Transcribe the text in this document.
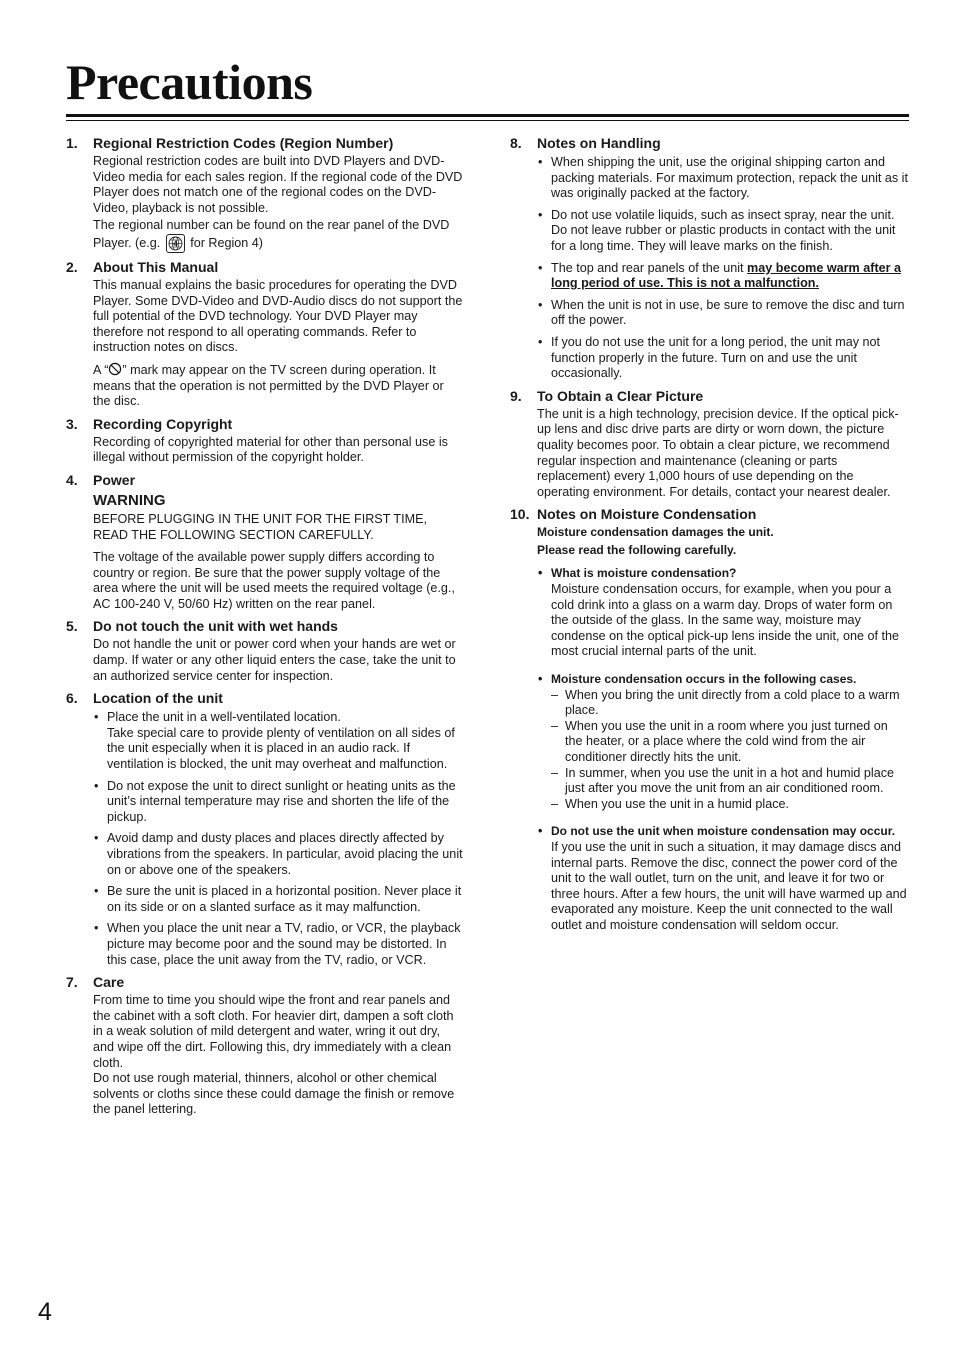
Precautions
1. Regional Restriction Codes (Region Number)

Regional restriction codes are built into DVD Players and DVD-Video media for each sales region. If the regional code of the DVD Player does not match one of the regional codes on the DVD-Video, playback is not possible.

The regional number can be found on the rear panel of the DVD Player. (e.g. 4 for Region 4)

2. About This Manual

This manual explains the basic procedures for operating the DVD Player. Some DVD-Video and DVD-Audio discs do not support the full potential of the DVD technology. Your DVD Player may therefore not respond to all operating commands. Refer to instruction notes on discs.

A “ ” mark may appear on the TV screen during operation. It means that the operation is not permitted by the DVD Player or the disc.

3. Recording Copyright

Recording of copyrighted material for other than personal use is illegal without permission of the copyright holder.

4. Power
WARNING

BEFORE PLUGGING IN THE UNIT FOR THE FIRST TIME, READ THE FOLLOWING SECTION CAREFULLY.

The voltage of the available power supply differs according to country or region. Be sure that the power supply voltage of the area where the unit will be used meets the required voltage (e.g., AC 100-240 V, 50/60 Hz) written on the rear panel.

5. Do not touch the unit with wet hands

Do not handle the unit or power cord when your hands are wet or damp. If water or any other liquid enters the case, take the unit to an authorized service center for inspection.

6. Location of the unit
• Place the unit in a well-ventilated location.
Take special care to provide plenty of ventilation on all sides of the unit especially when it is placed in an audio rack. If ventilation is blocked, the unit may overheat and malfunction.
• Do not expose the unit to direct sunlight or heating units as the unit’s internal temperature may rise and shorten the life of the pickup.
• Avoid damp and dusty places and places directly affected by vibrations from the speakers. In particular, avoid placing the unit on or above one of the speakers.
• Be sure the unit is placed in a horizontal position. Never place it on its side or on a slanted surface as it may malfunction.
• When you place the unit near a TV, radio, or VCR, the playback picture may become poor and the sound may be distorted. In this case, place the unit away from the TV, radio, or VCR.
7. Care

From time to time you should wipe the front and rear panels and the cabinet with a soft cloth. For heavier dirt, dampen a soft cloth in a weak solution of mild detergent and water, wring it out dry, and wipe off the dirt. Following this, dry immediately with a clean cloth.

Do not use rough material, thinners, alcohol or other chemical solvents or cloths since these could damage the finish or remove the panel lettering.

8. Notes on Handling
• When shipping the unit, use the original shipping carton and packing materials. For maximum protection, repack the unit as it was originally packed at the factory.
• Do not use volatile liquids, such as insect spray, near the unit. Do not leave rubber or plastic products in contact with the unit for a long time. They will leave marks on the finish.
• The top and rear panels of the unit may become warm after a long period of use. This is not a malfunction.
• When the unit is not in use, be sure to remove the disc and turn off the power.
• If you do not use the unit for a long period, the unit may not function properly in the future. Turn on and use the unit occasionally.
9. To Obtain a Clear Picture

The unit is a high technology, precision device. If the optical pick-up lens and disc drive parts are dirty or worn down, the picture quality becomes poor. To obtain a clear picture, we recommend regular inspection and maintenance (cleaning or parts replacement) every 1,000 hours of use depending on the operating environment. For details, contact your nearest dealer.

10. Notes on Moisture Condensation

Moisture condensation damages the unit.

Please read the following carefully.

• What is moisture condensation?
Moisture condensation occurs, for example, when you pour a cold drink into a glass on a warm day. Drops of water form on the outside of the glass. In the same way, moisture may condense on the optical pick-up lens inside the unit, one of the most crucial internal parts of the unit.
• Moisture condensation occurs in the following cases.
– When you bring the unit directly from a cold place to a warm place.
– When you use the unit in a room where you just turned on the heater, or a place where the cold wind from the air conditioner directly hits the unit.
– In summer, when you use the unit in a hot and humid place just after you move the unit from an air conditioned room.
– When you use the unit in a humid place.
• Do not use the unit when moisture condensation may occur.
If you use the unit in such a situation, it may damage discs and internal parts. Remove the disc, connect the power cord of the unit to the wall outlet, turn on the unit, and leave it for two or three hours. After a few hours, the unit will have warmed up and evaporated any moisture. Keep the unit connected to the wall outlet and moisture condensation will seldom occur.
4
